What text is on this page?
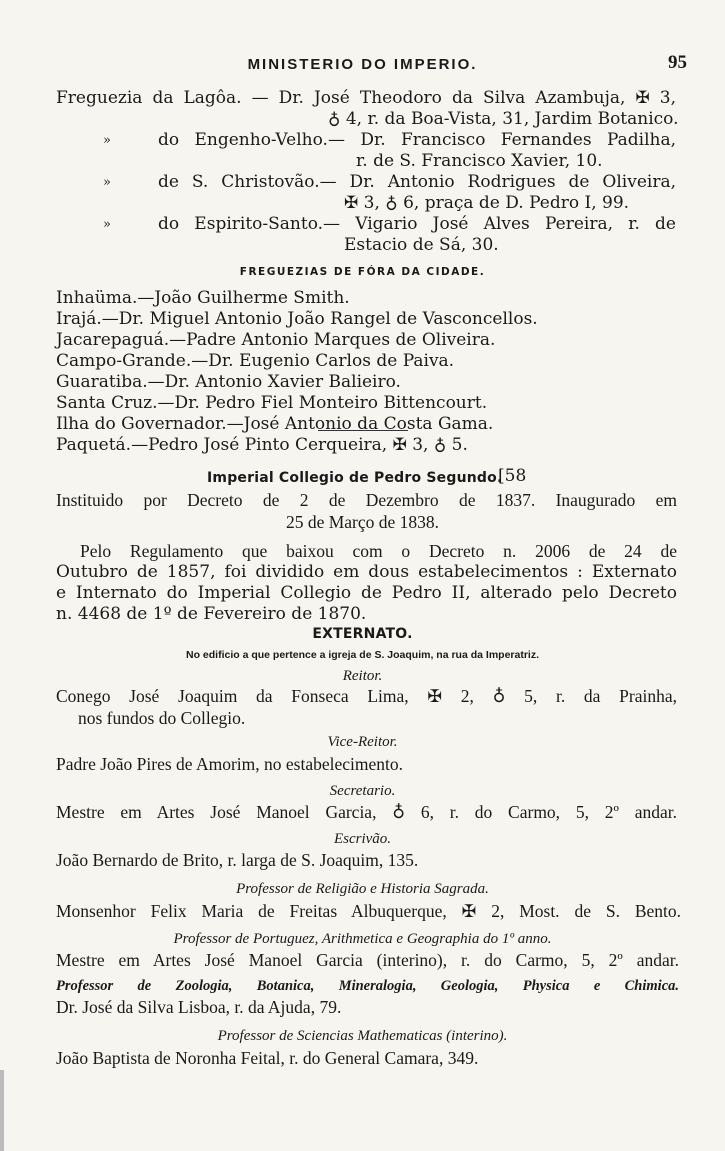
MINISTERIO DO IMPERIO.	95
Freguezia da Lagôa. — Dr. José Theodoro da Silva Azambuja, ✠ 3,
♁ 4, r. da Boa-Vista, 31, Jardim Botanico.
»	do Engenho-Velho.— Dr. Francisco Fernandes Padilha,
r. de S. Francisco Xavier, 10.
»	de S. Christovão.— Dr. Antonio Rodrigues de Oliveira,
✠ 3, ♁ 6, praça de D. Pedro I, 99.
»	do Espirito-Santo.— Vigario José Alves Pereira, r. de
Estacio de Sá, 30.
FREGUEZIAS DE FÓRA DA CIDADE.
Inhaüma.—João Guilherme Smith.
Irajá.—Dr. Miguel Antonio João Rangel de Vasconcellos.
Jacarepaguá.—Padre Antonio Marques de Oliveira.
Campo-Grande.—Dr. Eugenio Carlos de Paiva.
Guaratiba.—Dr. Antonio Xavier Balieiro.
Santa Cruz.—Dr. Pedro Fiel Monteiro Bittencourt.
Ilha do Governador.—José Antonio da Costa Gama.
Paquetá.—Pedro José Pinto Cerqueira, ✠ 3, ♁ 5.
Imperial Collegio de Pedro Segundo.
[58
Instituido por Decreto de 2 de Dezembro de 1837. Inaugurado em
25 de Março de 1838.
Pelo Regulamento que baixou com o Decreto n. 2006 de 24 de
Outubro de 1857, foi dividido em dous estabelecimentos : Externato
e Internato do Imperial Collegio de Pedro II, alterado pelo Decreto
n. 4468 de 1º de Fevereiro de 1870.
EXTERNATO.
No edificio a que pertence a igreja de S. Joaquim, na rua da Imperatriz.
Reitor.
Conego José Joaquim da Fonseca Lima, ✠ 2, ♁ 5, r. da Prainha,
nos fundos do Collegio.
Vice-Reitor.
Padre João Pires de Amorim, no estabelecimento.
Secretario.
Mestre em Artes José Manoel Garcia, ♁ 6, r. do Carmo, 5, 2º andar.
Escrivão.
João Bernardo de Brito, r. larga de S. Joaquim, 135.
Professor de Religião e Historia Sagrada.
Monsenhor Felix Maria de Freitas Albuquerque, ✠ 2, Most. de S. Bento.
Professor de Portuguez, Arithmetica e Geographia do 1º anno.
Mestre em Artes José Manoel Garcia (interino), r. do Carmo, 5, 2º andar.
Professor de Zoologia, Botanica, Mineralogia, Geologia, Physica e Chimica.
Dr. José da Silva Lisboa, r. da Ajuda, 79.
Professor de Sciencias Mathematicas (interino).
João Baptista de Noronha Feital, r. do General Camara, 349.
